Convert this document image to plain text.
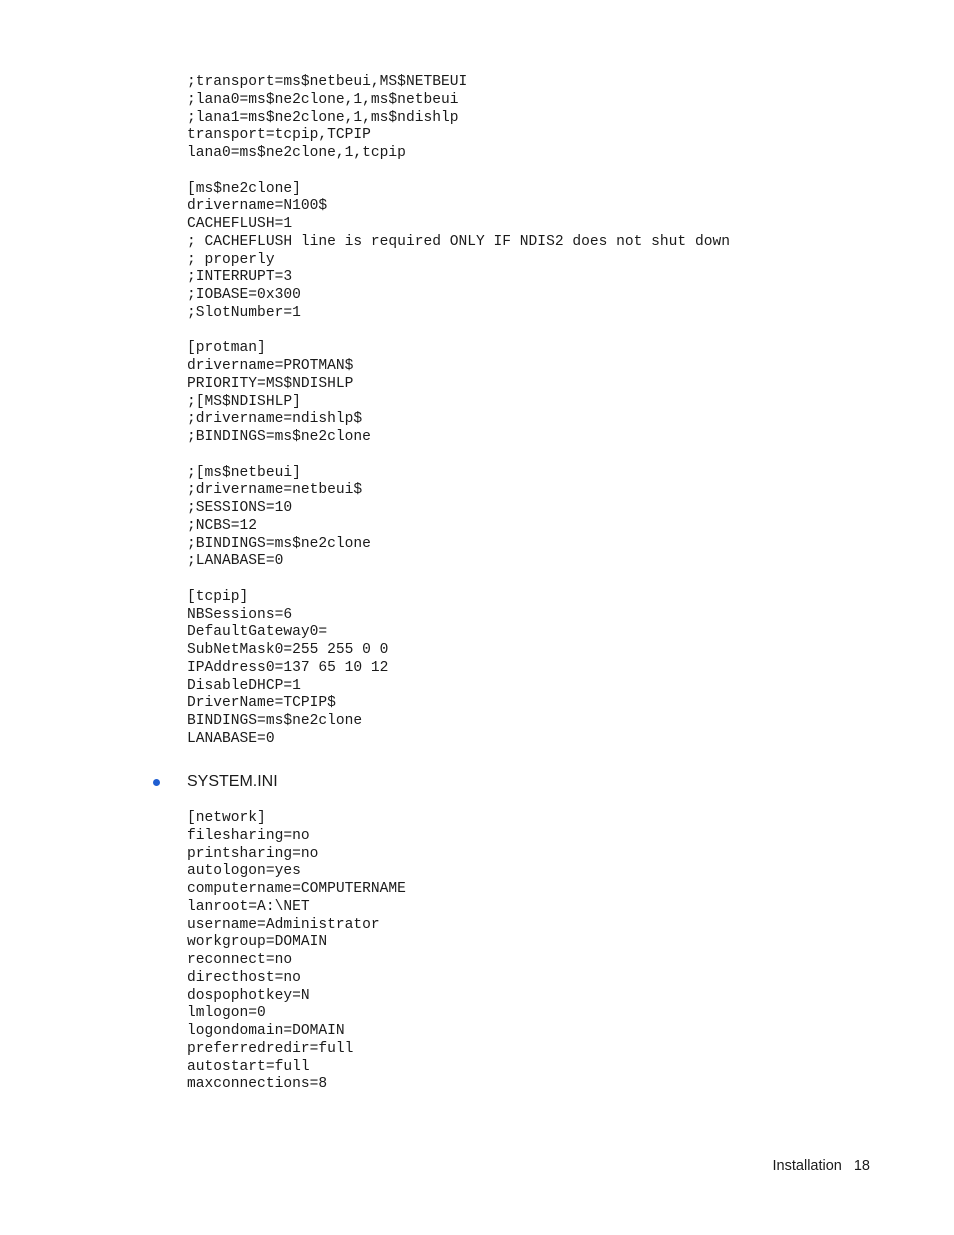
;transport=ms$netbeui,MS$NETBEUI
;lana0=ms$ne2clone,1,ms$netbeui
;lana1=ms$ne2clone,1,ms$ndishlp
transport=tcpip,TCPIP
lana0=ms$ne2clone,1,tcpip

[ms$ne2clone]
drivername=N100$
CACHEFLUSH=1
; CACHEFLUSH line is required ONLY IF NDIS2 does not shut down
; properly
;INTERRUPT=3
;IOBASE=0x300
;SlotNumber=1

[protman]
drivername=PROTMAN$
PRIORITY=MS$NDISHLP
;[MS$NDISHLP]
;drivername=ndishlp$
;BINDINGS=ms$ne2clone

;[ms$netbeui]
;drivername=netbeui$
;SESSIONS=10
;NCBS=12
;BINDINGS=ms$ne2clone
;LANABASE=0

[tcpip]
NBSessions=6
DefaultGateway0=
SubNetMask0=255 255 0 0
IPAddress0=137 65 10 12
DisableDHCP=1
DriverName=TCPIP$
BINDINGS=ms$ne2clone
LANABASE=0
SYSTEM.INI
[network]
filesharing=no
printsharing=no
autologon=yes
computername=COMPUTERNAME
lanroot=A:\NET
username=Administrator
workgroup=DOMAIN
reconnect=no
directhost=no
dospophotkey=N
lmlogon=0
logondomain=DOMAIN
preferredredir=full
autostart=full
maxconnections=8
Installation 18
